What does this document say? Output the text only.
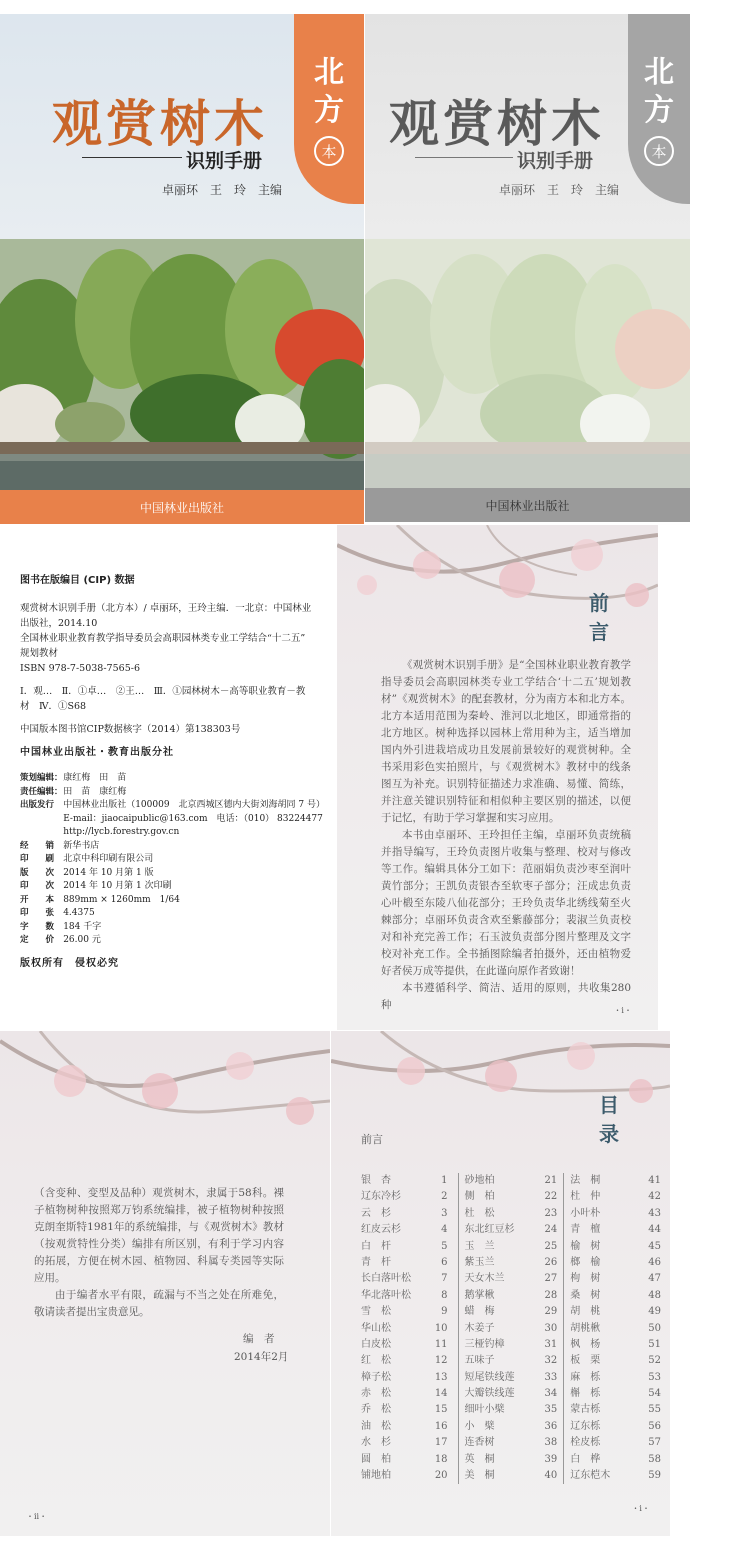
观赏树木
识别手册
卓丽环　王　玲　主编
北
方
本
中国林业出版社
观赏树木
识别手册
卓丽环　王　玲　主编
北
方
本
中国林业出版社
图书在版编目 (CIP) 数据
观赏树木识别手册（北方本）/ 卓丽环，王玲主编．一北京：中国林业
出版社，2014.10
全国林业职业教育教学指导委员会高职园林类专业工学结合“十二五”
规划教材
ISBN 978-7-5038-7565-6
Ⅰ．观…　Ⅱ．①卓…　②王…　Ⅲ．①园林树木－高等职业教育－教
材　Ⅳ．①S68
中国版本图书馆CIP数据核字（2014）第138303号
中国林业出版社・教育出版分社
策划编辑：	康红梅　田　苗
责任编辑：	田　苗　康红梅
出版发行	中国林业出版社（100009　北京西城区德内大街刘海胡同 7 号）
	E-mail：jiaocaipublic@163.com　电话：（010） 83224477
	http://lycb.forestry.gov.cn
经　　销	新华书店
印　　刷	北京中科印刷有限公司
版　　次	2014 年 10 月第 1 版
印　　次	2014 年 10 月第 1 次印刷
开　　本	889mm × 1260mm　1/64
印　　张	4.4375
字　　数	184 千字
定　　价	26.00 元
版权所有　侵权必究
前 言

《观赏树木识别手册》是“全国林业职业教育教学指导委员会高职园林类专业工学结合‘十二五’规划教材”《观赏树木》的配套教材，分为南方本和北方本。北方本适用范围为秦岭、淮河以北地区，即通常指的北方地区。树种选择以园林上常用种为主，适当增加国内外引进栽培成功且发展前景较好的观赏树种。全书采用彩色实拍照片，与《观赏树木》教材中的线条图互为补充。识别特征描述力求准确、易懂、简练，并注意关键识别特征和相似种主要区别的描述，以便于记忆，有助于学习掌握和实习应用。

本书由卓丽环、王玲担任主编，卓丽环负责统稿并指导编写，王玲负责图片收集与整理、校对与修改等工作。编辑具体分工如下：范丽娟负责沙枣至润叶黄竹部分；王凯负责银杏至软枣子部分；汪成忠负责心叶椴至东陵八仙花部分；王玲负责华北绣线菊至火棘部分；卓丽环负责含欢至紫藤部分；裴淑兰负责校对和补充完善工作；石玉波负责部分图片整理及文字校对补充工作。全书插图除编者拍摄外，还由植物爱好者侯万成等提供，在此谨向原作者致谢！

本书遵循科学、简洁、适用的原则，共收集280种	・i・

（含变种、变型及品种）观赏树木，隶属于58科。裸子植物树种按照郑万钧系统编排，被子植物树种按照克朗奎斯特1981年的系统编排，与《观赏树木》教材（按观赏特性分类）编排有所区别，有利于学习内容的拓展，方便在树木园、植物园、科属专类园等实际应用。

由于编者水平有限，疏漏与不当之处在所难免，敬请读者提出宝贵意见。

编　者
2014年2月
・ii・
目 录
前言
银　杏	1
辽东冷杉	2
云　杉	3
红皮云杉	4
白　杆	5
青　杆	6
长白落叶松	7
华北落叶松	8
雪　松	9
华山松	10
白皮松	11
红　松	12
樟子松	13
赤　松	14
乔　松	15
油　松	16
水　杉	17
圆　柏	18
铺地柏	20
砂地柏	21
侧　柏	22
杜　松	23
东北红豆杉	24
玉　兰	25
紫玉兰	26
天女木兰	27
鹅掌楸	28
蜡　梅	29
木姜子	30
三桠钓樟	31
五味子	32
短尾铁线莲	33
大瓣铁线莲	34
细叶小檗	35
小　檗	36
连香树	38
英　桐	39
美　桐	40
法　桐	41
杜　仲	42
小叶朴	43
青　檀	44
榆　树	45
榔　榆	46
枸　树	47
桑　树	48
胡　桃	49
胡桃楸	50
枫　杨	51
板　栗	52
麻　栎	53
槲　栎	54
蒙古栎	55
辽东栎	56
栓皮栎	57
白　桦	58
辽东桤木	59
・i・
